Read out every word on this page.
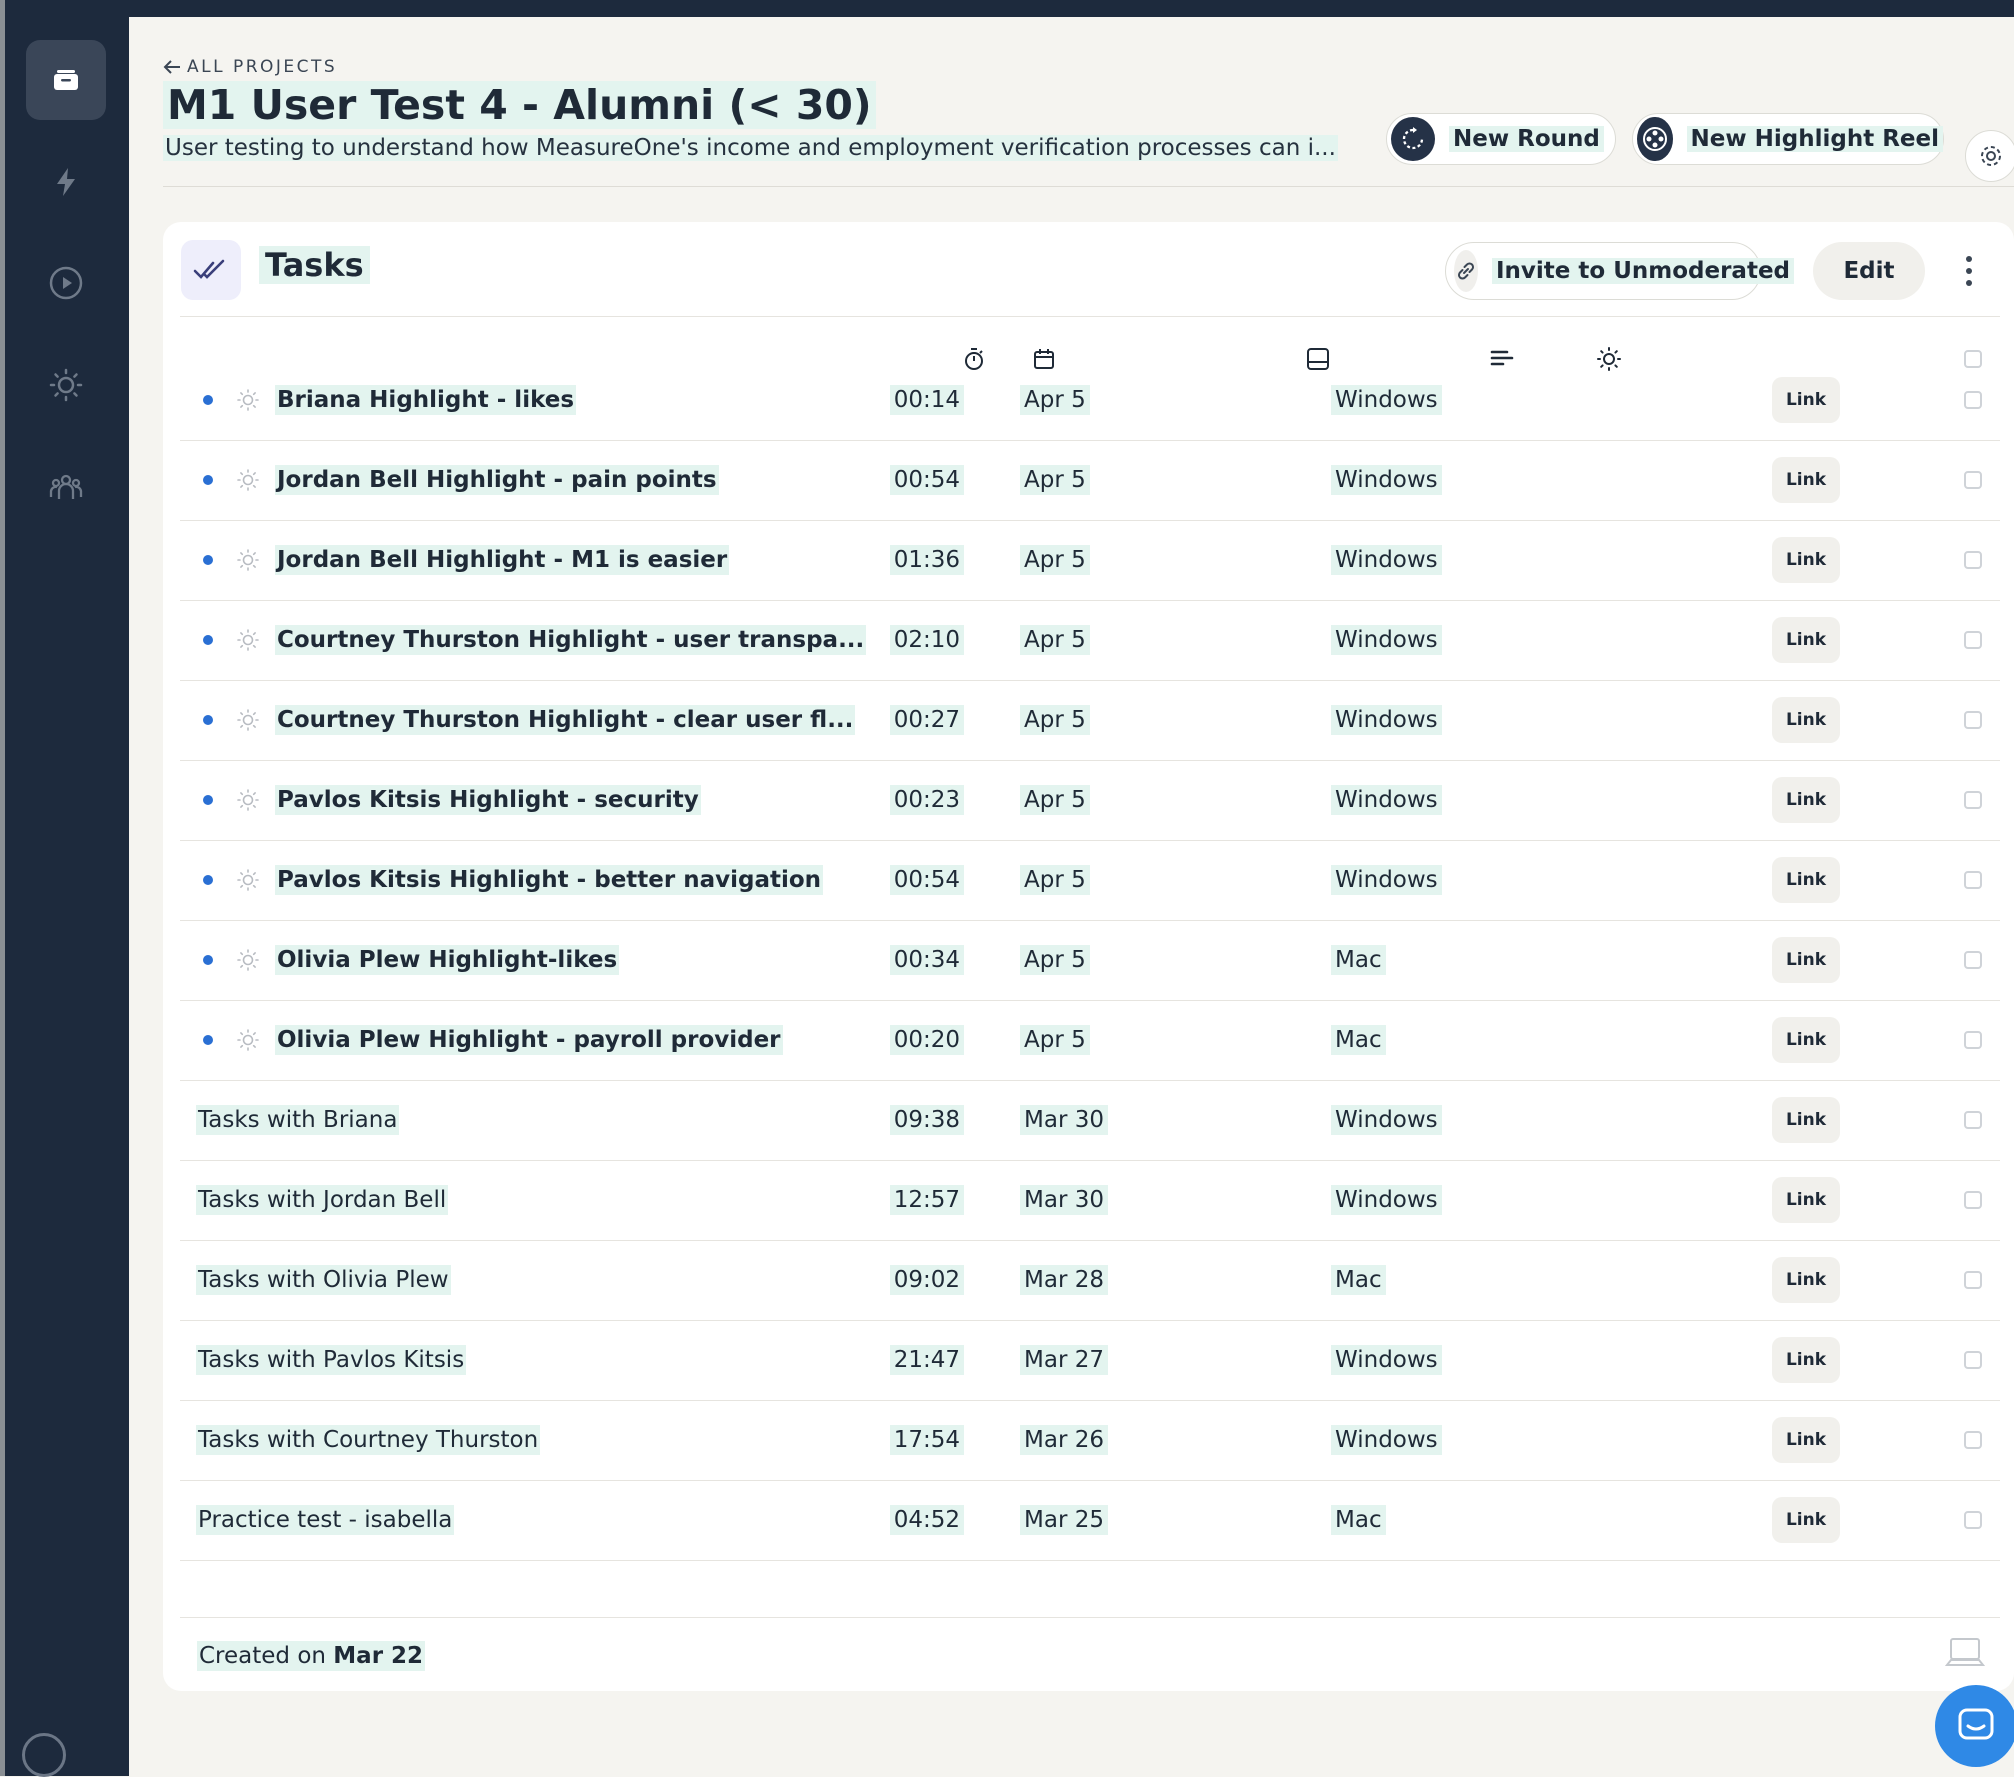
ALL PROJECTS
M1 User Test 4 - Alumni (< 30)
User testing to understand how MeasureOne's income and employment verification processes can i...	New Round	New Highlight Reel
Tasks	Invite to Unmoderated	Edit
Briana Highlight - likes	00:14	Apr 5	Windows	Link
Jordan Bell Highlight - pain points	00:54	Apr 5	Windows	Link
Jordan Bell Highlight - M1 is easier	01:36	Apr 5	Windows	Link
Courtney Thurston Highlight - user transpa... 02:10	Apr 5	Windows	Link
Courtney Thurston Highlight - clear user fl... 00:27	Apr 5	Windows	Link
Pavlos Kitsis Highlight - security	00:23	Apr 5	Windows	Link
Pavlos Kitsis Highlight - better navigation	00:54	Apr 5	Windows	Link
Olivia Plew Highlight-likes	00:34	Apr 5	Mac	Link
Olivia Plew Highlight - payroll provider	00:20	Apr 5	Mac	Link
Tasks with Briana	09:38	Mar 30	Windows	Link
Tasks with Jordan Bell	12:57	Mar 30	Windows	Link
Tasks with Olivia Plew	09:02	Mar 28	Mac	Link
Tasks with Pavlos Kitsis	21:47	Mar 27	Windows	Link
Tasks with Courtney Thurston	17:54	Mar 26	Windows	Link
Practice test - isabella	04:52	Mar 25	Mac	Link
Created on Mar 22
